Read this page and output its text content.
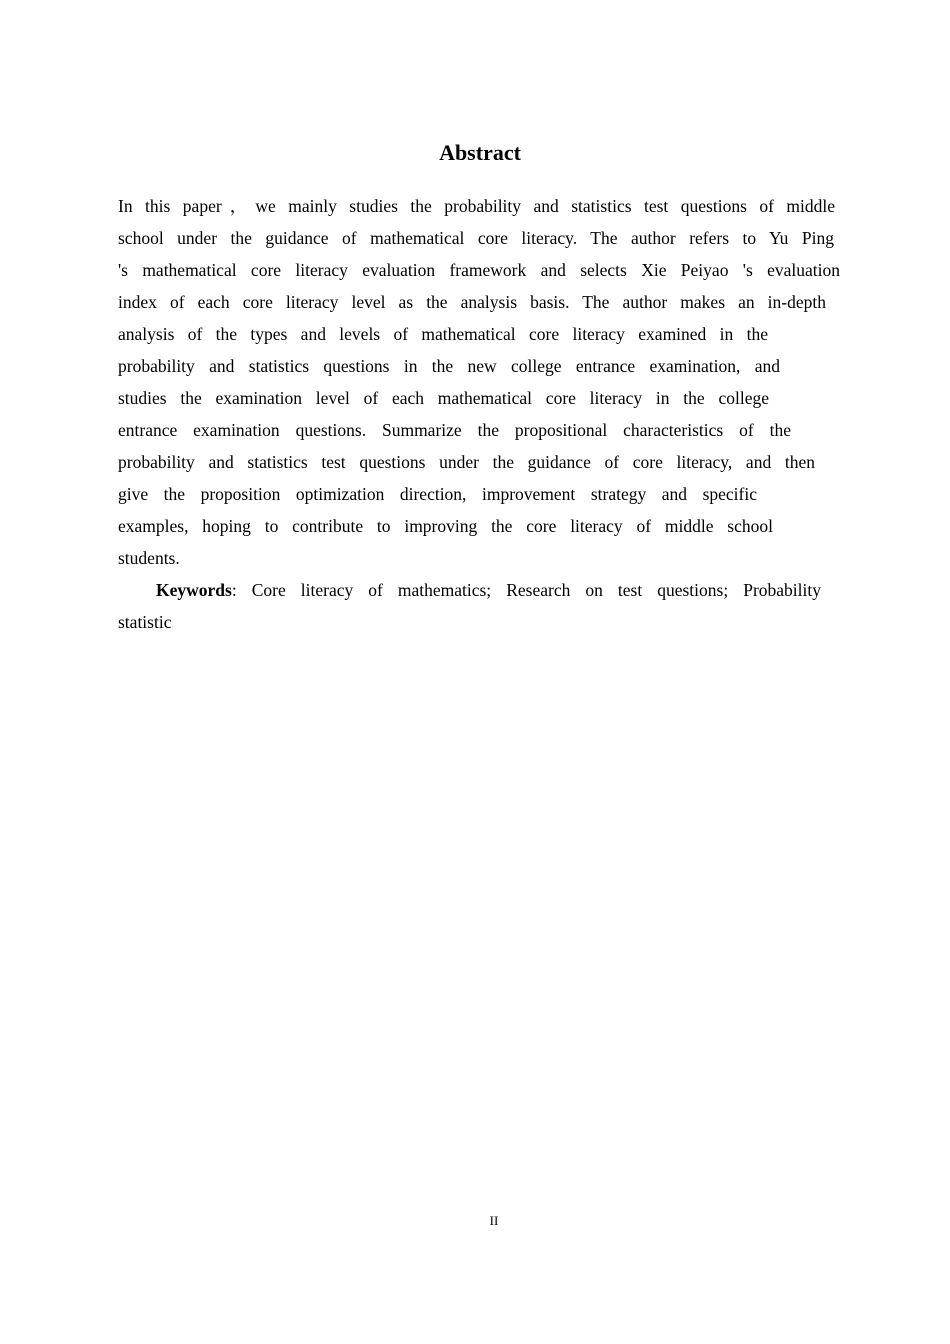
Abstract
In this paper，we mainly studies the probability and statistics test questions of middle
school under the guidance of mathematical core literacy. The author refers to Yu Ping
's mathematical core literacy evaluation framework and selects Xie Peiyao 's evaluation
index of each core literacy level as the analysis basis. The author makes an in-depth
analysis of the types and levels of mathematical core literacy examined in the
probability and statistics questions in the new college entrance examination, and
studies the examination level of each mathematical core literacy in the college
entrance examination questions. Summarize the propositional characteristics of the
probability and statistics test questions under the guidance of core literacy, and then
give the proposition optimization direction, improvement strategy and specific
examples, hoping to contribute to improving the core literacy of middle school
students.
Keywords: Core literacy of mathematics; Research on test questions; Probability
statistic
II
